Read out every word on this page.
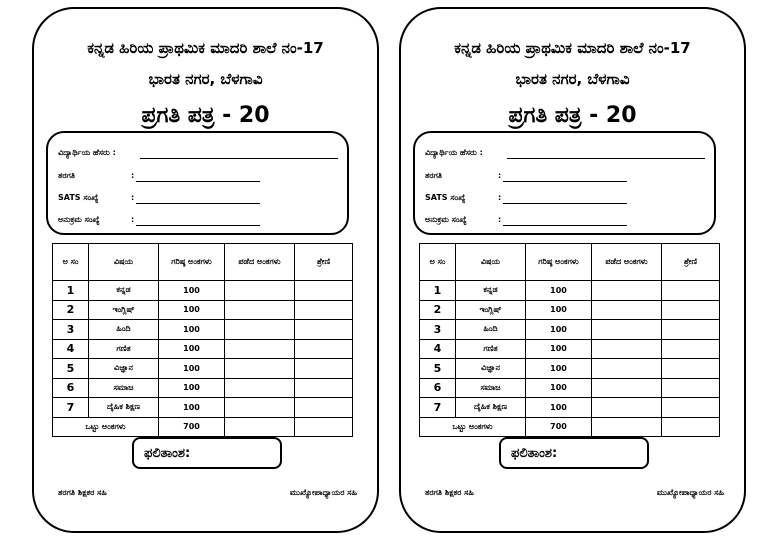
ಕನ್ನಡ ಹಿರಿಯ ಪ್ರಾಥಮಿಕ ಮಾದರಿ ಶಾಲೆ ನಂ-17
ಭಾರತ ನಗರ, ಬೆಳಗಾವಿ
ಪ್ರಗತಿ ಪತ್ರ - 20
ವಿದ್ಯಾರ್ಥಿಯ ಹೆಸರು :
ತರಗತಿ	:
SATS ಸಂಖ್ಯೆ	:
ಅನುಕ್ರಮ ಸಂಖ್ಯೆ	:
ಅ ಸಂ	ವಿಷಯ	ಗರಿಷ್ಠ ಅಂಕಗಳು	ಪಡೆದ ಅಂಕಗಳು	ಶ್ರೇಣಿ
1	ಕನ್ನಡ	100		
2	ಇಂಗ್ಲಿಷ್	100		
3	ಹಿಂದಿ	100		
4	ಗಣಿತ	100		
5	ವಿಜ್ಞಾನ	100		
6	ಸಮಾಜ	100		
7	ದೈಹಿಕ ಶಿಕ್ಷಣ	100		
ಒಟ್ಟು ಅಂಕಗಳು		700		
ಫಲಿತಾಂಶ:
ತರಗತಿ ಶಿಕ್ಷಕರ ಸಹಿ	ಮುಖ್ಯೋಪಾಧ್ಯಾಯರ ಸಹಿ
ಕನ್ನಡ ಹಿರಿಯ ಪ್ರಾಥಮಿಕ ಮಾದರಿ ಶಾಲೆ ನಂ-17
ಭಾರತ ನಗರ, ಬೆಳಗಾವಿ
ಪ್ರಗತಿ ಪತ್ರ - 20
ವಿದ್ಯಾರ್ಥಿಯ ಹೆಸರು :
ತರಗತಿ	:
SATS ಸಂಖ್ಯೆ	:
ಅನುಕ್ರಮ ಸಂಖ್ಯೆ	:
ಅ ಸಂ	ವಿಷಯ	ಗರಿಷ್ಠ ಅಂಕಗಳು	ಪಡೆದ ಅಂಕಗಳು	ಶ್ರೇಣಿ
1	ಕನ್ನಡ	100		
2	ಇಂಗ್ಲಿಷ್	100		
3	ಹಿಂದಿ	100		
4	ಗಣಿತ	100		
5	ವಿಜ್ಞಾನ	100		
6	ಸಮಾಜ	100		
7	ದೈಹಿಕ ಶಿಕ್ಷಣ	100		
ಒಟ್ಟು ಅಂಕಗಳು		700		
ಫಲಿತಾಂಶ:
ತರಗತಿ ಶಿಕ್ಷಕರ ಸಹಿ	ಮುಖ್ಯೋಪಾಧ್ಯಾಯರ ಸಹಿ
